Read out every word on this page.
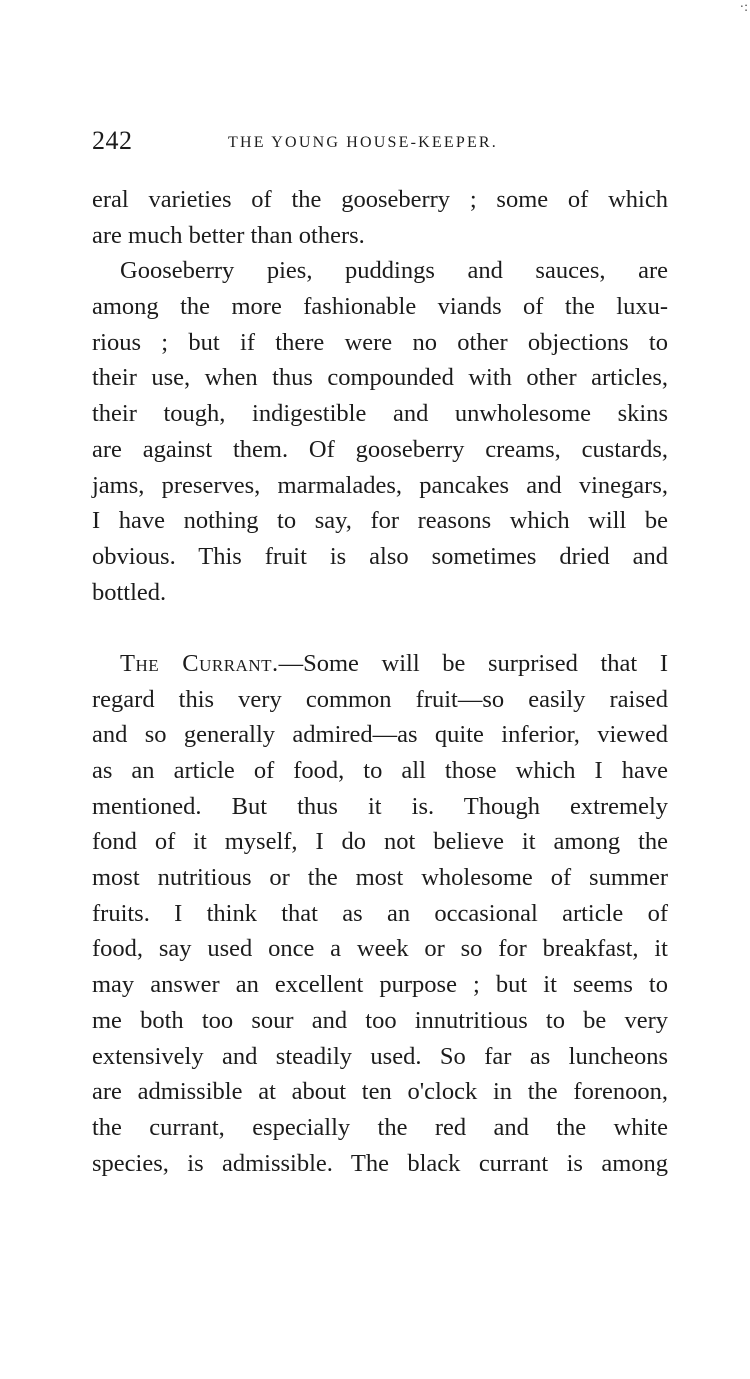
·:
242	THE YOUNG HOUSE-KEEPER.
eral varieties of the gooseberry ; some of which
are much better than others.
Gooseberry pies, puddings and sauces, are
among the more fashionable viands of the luxu-
rious ; but if there were no other objections to
their use, when thus compounded with other articles,
their tough, indigestible and unwholesome skins
are against them. Of gooseberry creams, custards,
jams, preserves, marmalades, pancakes and vinegars,
I have nothing to say, for reasons which will be
obvious. This fruit is also sometimes dried and
bottled.
The Currant.—Some will be surprised that I
regard this very common fruit—so easily raised
and so generally admired—as quite inferior, viewed
as an article of food, to all those which I have
mentioned. But thus it is. Though extremely
fond of it myself, I do not believe it among the
most nutritious or the most wholesome of summer
fruits. I think that as an occasional article of
food, say used once a week or so for breakfast, it
may answer an excellent purpose ; but it seems to
me both too sour and too innutritious to be very
extensively and steadily used. So far as luncheons
are admissible at about ten o'clock in the forenoon,
the currant, especially the red and the white
species, is admissible. The black currant is among
